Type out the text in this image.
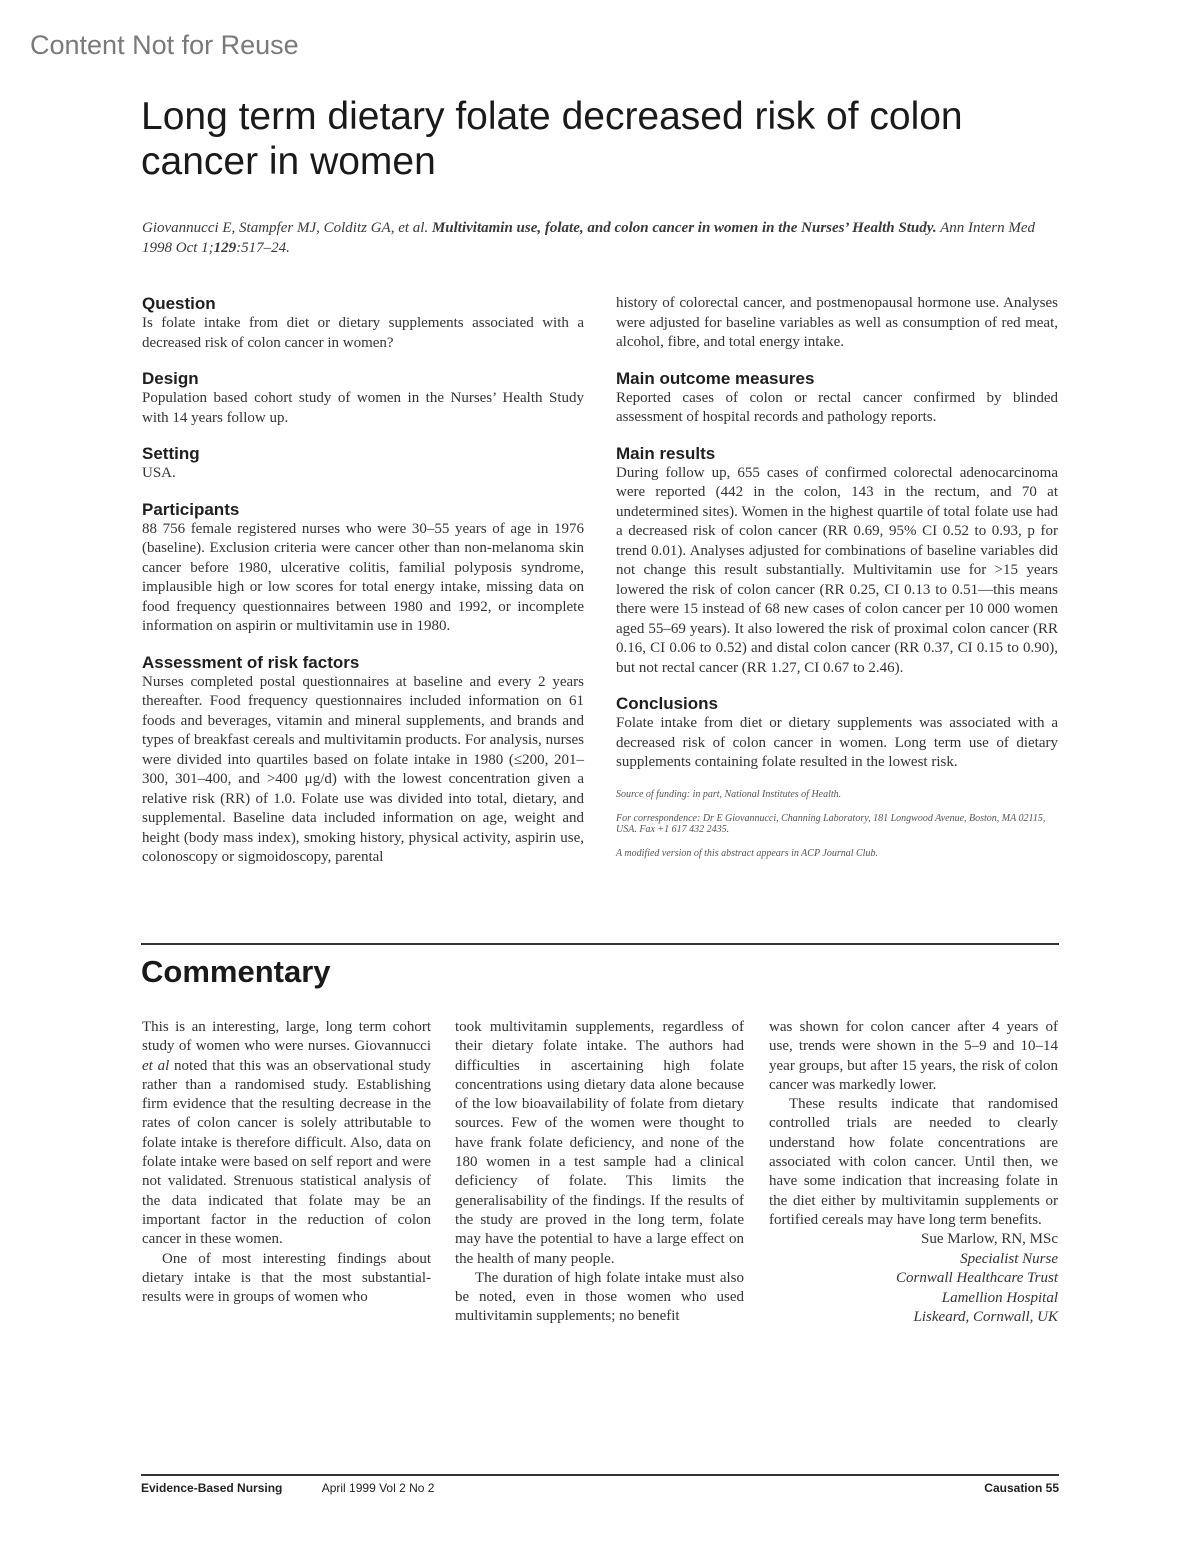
Content Not for Reuse
Long term dietary folate decreased risk of colon cancer in women
Giovannucci E, Stampfer MJ, Colditz GA, et al. Multivitamin use, folate, and colon cancer in women in the Nurses’ Health Study. Ann Intern Med 1998 Oct 1;129:517–24.
Question

Is folate intake from diet or dietary supplements associated with a decreased risk of colon cancer in women?

Design

Population based cohort study of women in the Nurses’ Health Study with 14 years follow up.

Setting

USA.

Participants

88 756 female registered nurses who were 30–55 years of age in 1976 (baseline). Exclusion criteria were cancer other than non-melanoma skin cancer before 1980, ulcerative colitis, familial polyposis syndrome, implausible high or low scores for total energy intake, missing data on food frequency questionnaires between 1980 and 1992, or incomplete information on aspirin or multivitamin use in 1980.

Assessment of risk factors

Nurses completed postal questionnaires at baseline and every 2 years thereafter. Food frequency questionnaires included information on 61 foods and beverages, vitamin and mineral supplements, and brands and types of breakfast cereals and multivitamin products. For analysis, nurses were divided into quartiles based on folate intake in 1980 (≤200, 201–300, 301–400, and >400 μg/d) with the lowest concentration given a relative risk (RR) of 1.0. Folate use was divided into total, dietary, and supplemental. Baseline data included information on age, weight and height (body mass index), smoking history, physical activity, aspirin use, colonoscopy or sigmoidoscopy, parental

history of colorectal cancer, and postmenopausal hormone use. Analyses were adjusted for baseline variables as well as consumption of red meat, alcohol, fibre, and total energy intake.

Main outcome measures

Reported cases of colon or rectal cancer confirmed by blinded assessment of hospital records and pathology reports.

Main results

During follow up, 655 cases of confirmed colorectal adenocarcinoma were reported (442 in the colon, 143 in the rectum, and 70 at undetermined sites). Women in the highest quartile of total folate use had a decreased risk of colon cancer (RR 0.69, 95% CI 0.52 to 0.93, p for trend 0.01). Analyses adjusted for combinations of baseline variables did not change this result substantially. Multivitamin use for >15 years lowered the risk of colon cancer (RR 0.25, CI 0.13 to 0.51—this means there were 15 instead of 68 new cases of colon cancer per 10 000 women aged 55–69 years). It also lowered the risk of proximal colon cancer (RR 0.16, CI 0.06 to 0.52) and distal colon cancer (RR 0.37, CI 0.15 to 0.90), but not rectal cancer (RR 1.27, CI 0.67 to 2.46).

Conclusions

Folate intake from diet or dietary supplements was associated with a decreased risk of colon cancer in women. Long term use of dietary supplements containing folate resulted in the lowest risk.

Source of funding: in part, National Institutes of Health.

For correspondence: Dr E Giovannucci, Channing Laboratory, 181 Longwood Avenue, Boston, MA 02115, USA. Fax +1 617 432 2435.

A modified version of this abstract appears in ACP Journal Club.

Commentary

This is an interesting, large, long term cohort study of women who were nurses. Giovannucci et al noted that this was an observational study rather than a randomised study. Establishing firm evidence that the resulting decrease in the rates of colon cancer is solely attributable to folate intake is therefore difficult. Also, data on folate intake were based on self report and were not validated. Strenuous statistical analysis of the data indicated that folate may be an important factor in the reduction of colon cancer in these women.

One of most interesting findings about dietary intake is that the most substantial- results were in groups of women who

took multivitamin supplements, regardless of their dietary folate intake. The authors had difficulties in ascertaining high folate concentrations using dietary data alone because of the low bioavailability of folate from dietary sources. Few of the women were thought to have frank folate deficiency, and none of the 180 women in a test sample had a clinical deficiency of folate. This limits the generalisability of the findings. If the results of the study are proved in the long term, folate may have the potential to have a large effect on the health of many people.

The duration of high folate intake must also be noted, even in those women who used multivitamin supplements; no benefit

was shown for colon cancer after 4 years of use, trends were shown in the 5–9 and 10–14 year groups, but after 15 years, the risk of colon cancer was markedly lower.

These results indicate that randomised controlled trials are needed to clearly understand how folate concentrations are associated with colon cancer. Until then, we have some indication that increasing folate in the diet either by multivitamin supplements or fortified cereals may have long term benefits.

Sue Marlow, RN, MSc
Specialist Nurse
Cornwall Healthcare Trust
Lamellion Hospital
Liskeard, Cornwall, UK
Evidence-Based Nursing	April 1999 Vol 2 No 2	Causation 55
